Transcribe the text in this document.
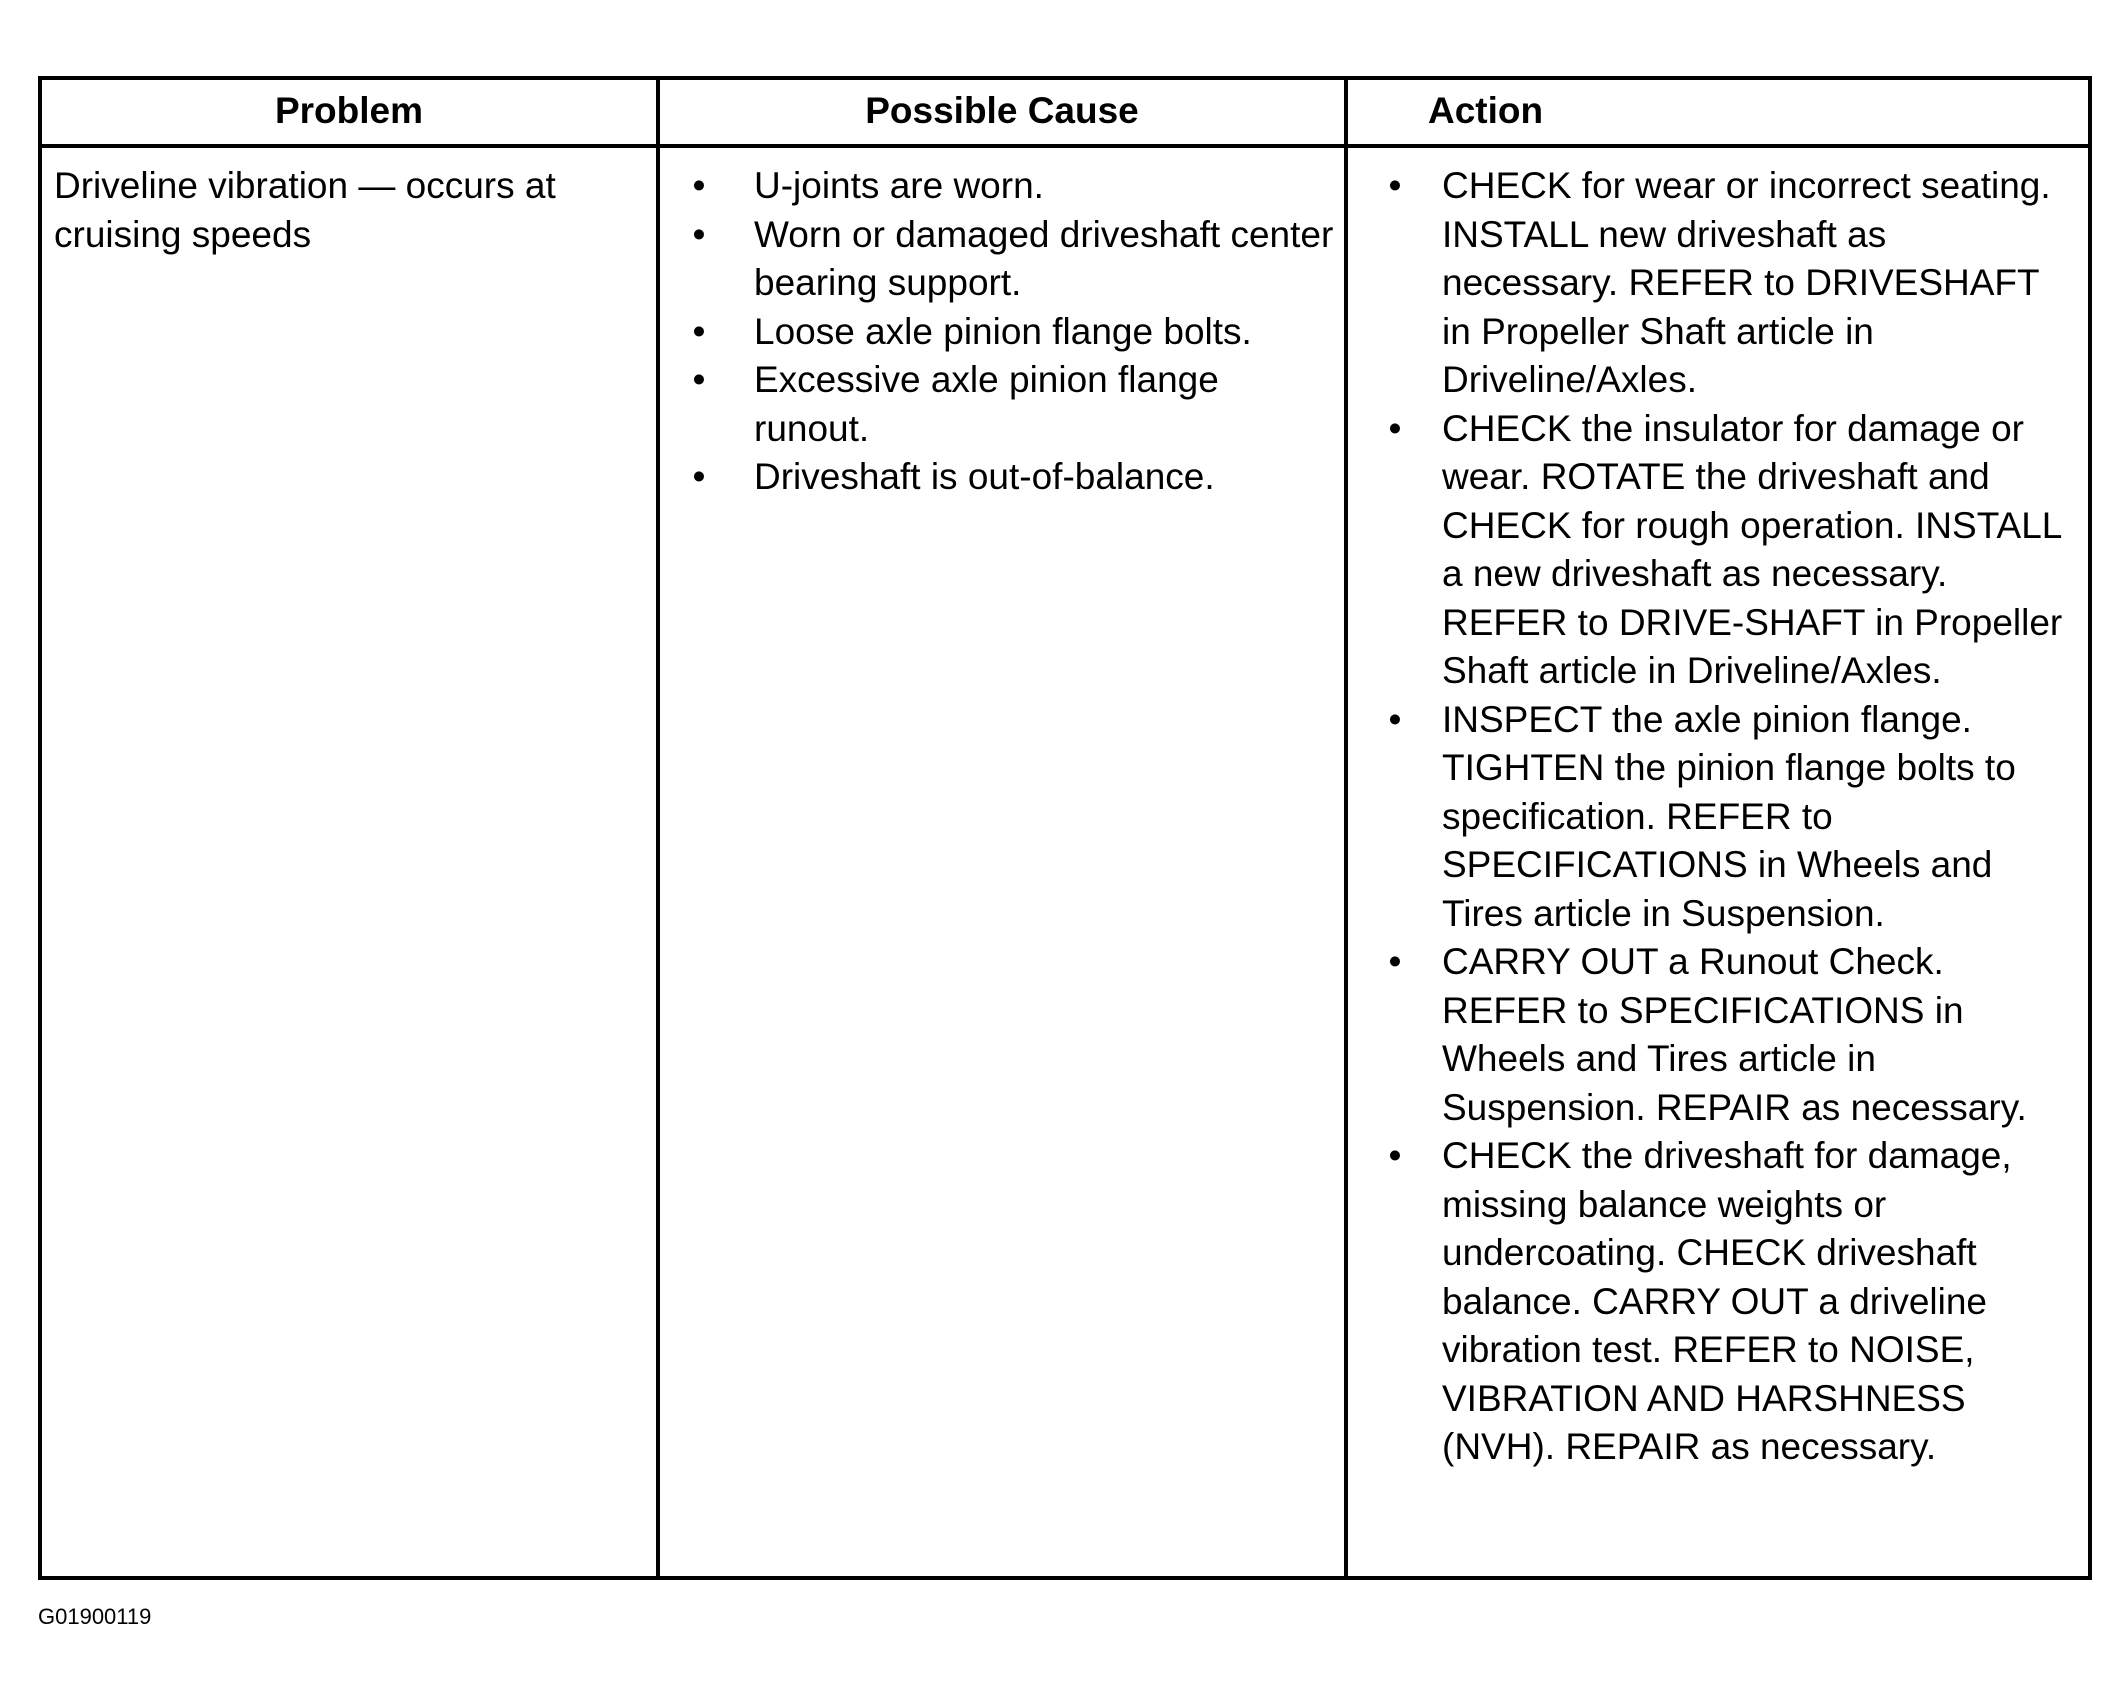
Problem	Possible Cause	Action
Driveline vibration — occurs at cruising speeds
• U-joints are worn.
• Worn or damaged driveshaft center bearing support.
• Loose axle pinion flange bolts.
• Excessive axle pinion flange runout.
• Driveshaft is out-of-balance.
• CHECK for wear or incorrect seating. INSTALL new driveshaft as necessary. REFER to DRIVESHAFT in Propeller Shaft article in Driveline/Axles.
• CHECK the insulator for damage or wear. ROTATE the driveshaft and CHECK for rough operation. INSTALL a new driveshaft as necessary. REFER to DRIVE-SHAFT in Propeller Shaft article in Driveline/Axles.
• INSPECT the axle pinion flange. TIGHTEN the pinion flange bolts to specification. REFER to SPECIFICATIONS in Wheels and Tires article in Suspension.
• CARRY OUT a Runout Check. REFER to SPECIFICATIONS in Wheels and Tires article in Suspension. REPAIR as necessary.
• CHECK the driveshaft for damage, missing balance weights or undercoating. CHECK driveshaft balance. CARRY OUT a driveline vibration test. REFER to NOISE, VIBRATION AND HARSHNESS (NVH). REPAIR as necessary.
G01900119
